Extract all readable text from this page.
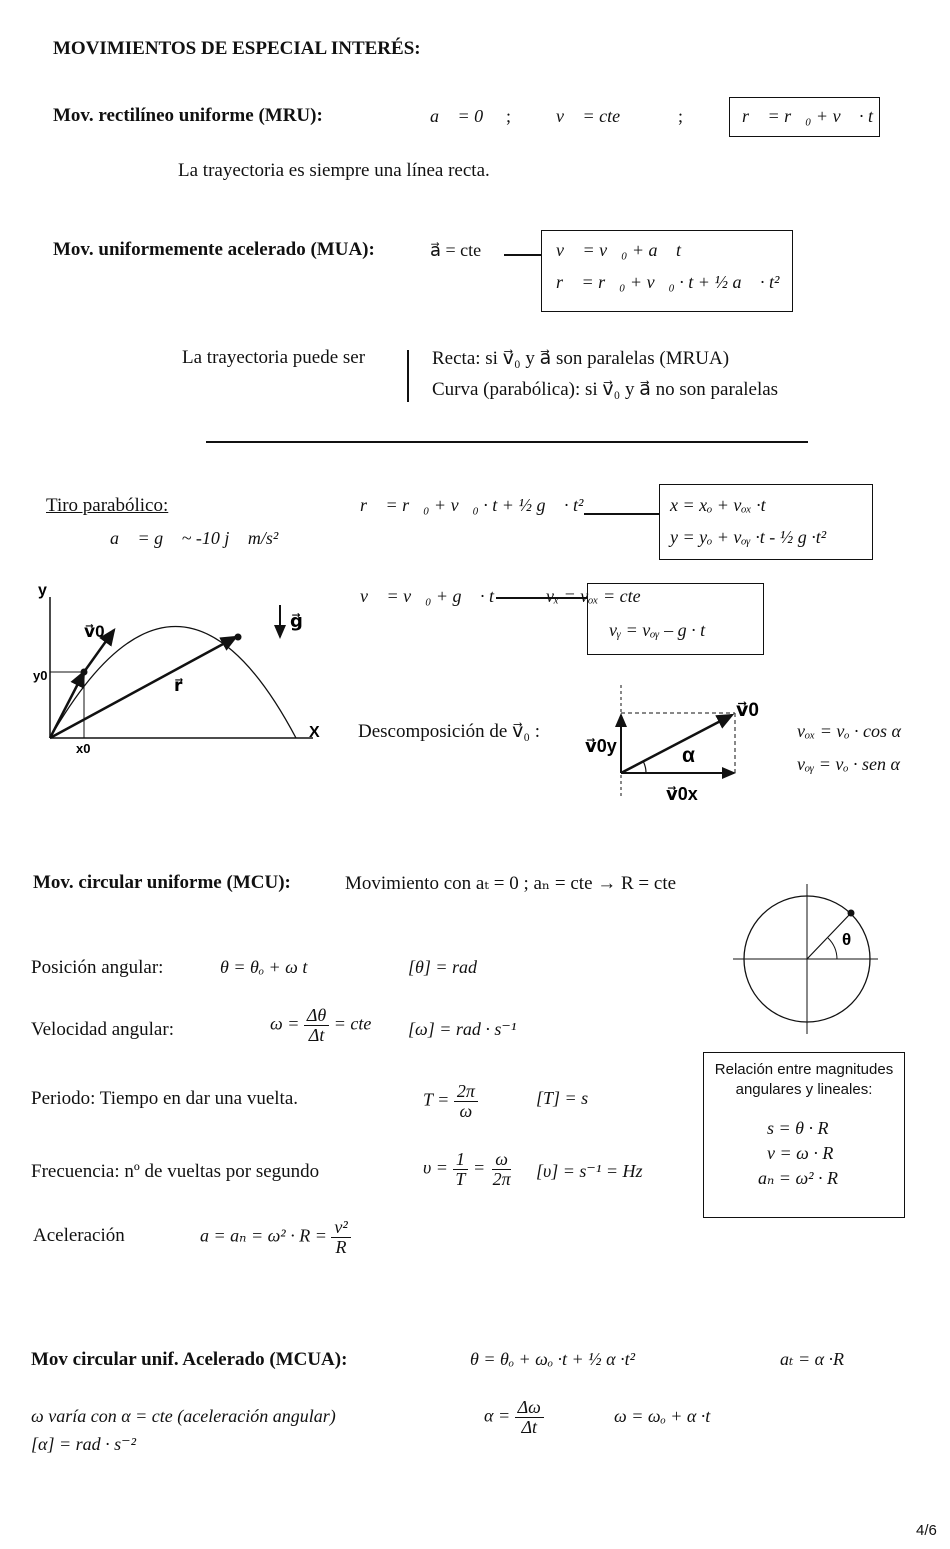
MOVIMIENTOS DE ESPECIAL INTERÉS:
Mov. rectilíneo uniforme (MRU):	a⃗ = 0 ; v⃗ = cte	;	r⃗ = r⃗₀ + v⃗ · t
La trayectoria es siempre una línea recta.
Mov. uniformemente acelerado (MUA):	a⃗ = cte	v⃗ = v⃗₀ + a⃗ t
r⃗ = r⃗₀ + v⃗₀ · t + ½ a⃗ · t²
La trayectoria puede ser	Recta: si v⃗₀ y a⃗ son paralelas (MRUA)
Curva (parabólica): si v⃗₀ y a⃗ no son paralelas
Tiro parabólico:
a⃗ = g⃗ ~ -10 j⃗ m/s²
r⃗ = r⃗₀ + v⃗₀ · t + ½ g⃗ · t²	x = xₒ + vₒₓ ·t
y = yₒ + vₒᵧ ·t - ½ g ·t²
v⃗ = v⃗₀ + g⃗ · t	vₓ = vₒₓ = cte
vᵧ = vₒᵧ – g · t
y
X
v⃗0
g⃗
r⃗
y0
x0
Descomposición de v⃗₀ :
α
v⃗0
v⃗0y
v⃗0x
vₒₓ = vₒ · cos α
vₒᵧ = vₒ · sen α
Mov. circular uniforme (MCU):	Movimiento con aₜ = 0 ; aₙ = cte → R = cte
θ
Posición angular:	θ = θₒ + ω t	[θ] = rad
Velocidad angular:	$\omega = \frac{\Delta\theta}{\Delta t}$ = cte [ω] = rad · s⁻¹
Periodo: Tiempo en dar una vuelta.	$T = \frac{2\pi}{\omega}$	[T] = s
Frecuencia: nº de vueltas por segundo	$\upsilon = \frac{1}{T} = \frac{\omega}{2\pi} [\upsilon] = s^{-1} = Hz$
Aceleración	$a = a_n = \omega^2 \cdot R = \frac{\text{v²}}{R}$
Relación entre magnitudes angulares y lineales:
s = θ · R
v = ω · R
aₙ = ω² · R
Mov circular unif. Acelerado (MCUA):	θ = θₒ + ωₒ ·t + ½ α ·t²	aₜ = α ·R
ω varía con α = cte (aceleración angular)
[α] = rad · s⁻²
$\alpha = \frac{\Delta\omega}{\Delta t}$	ω = ωₒ + α ·t
4/6
